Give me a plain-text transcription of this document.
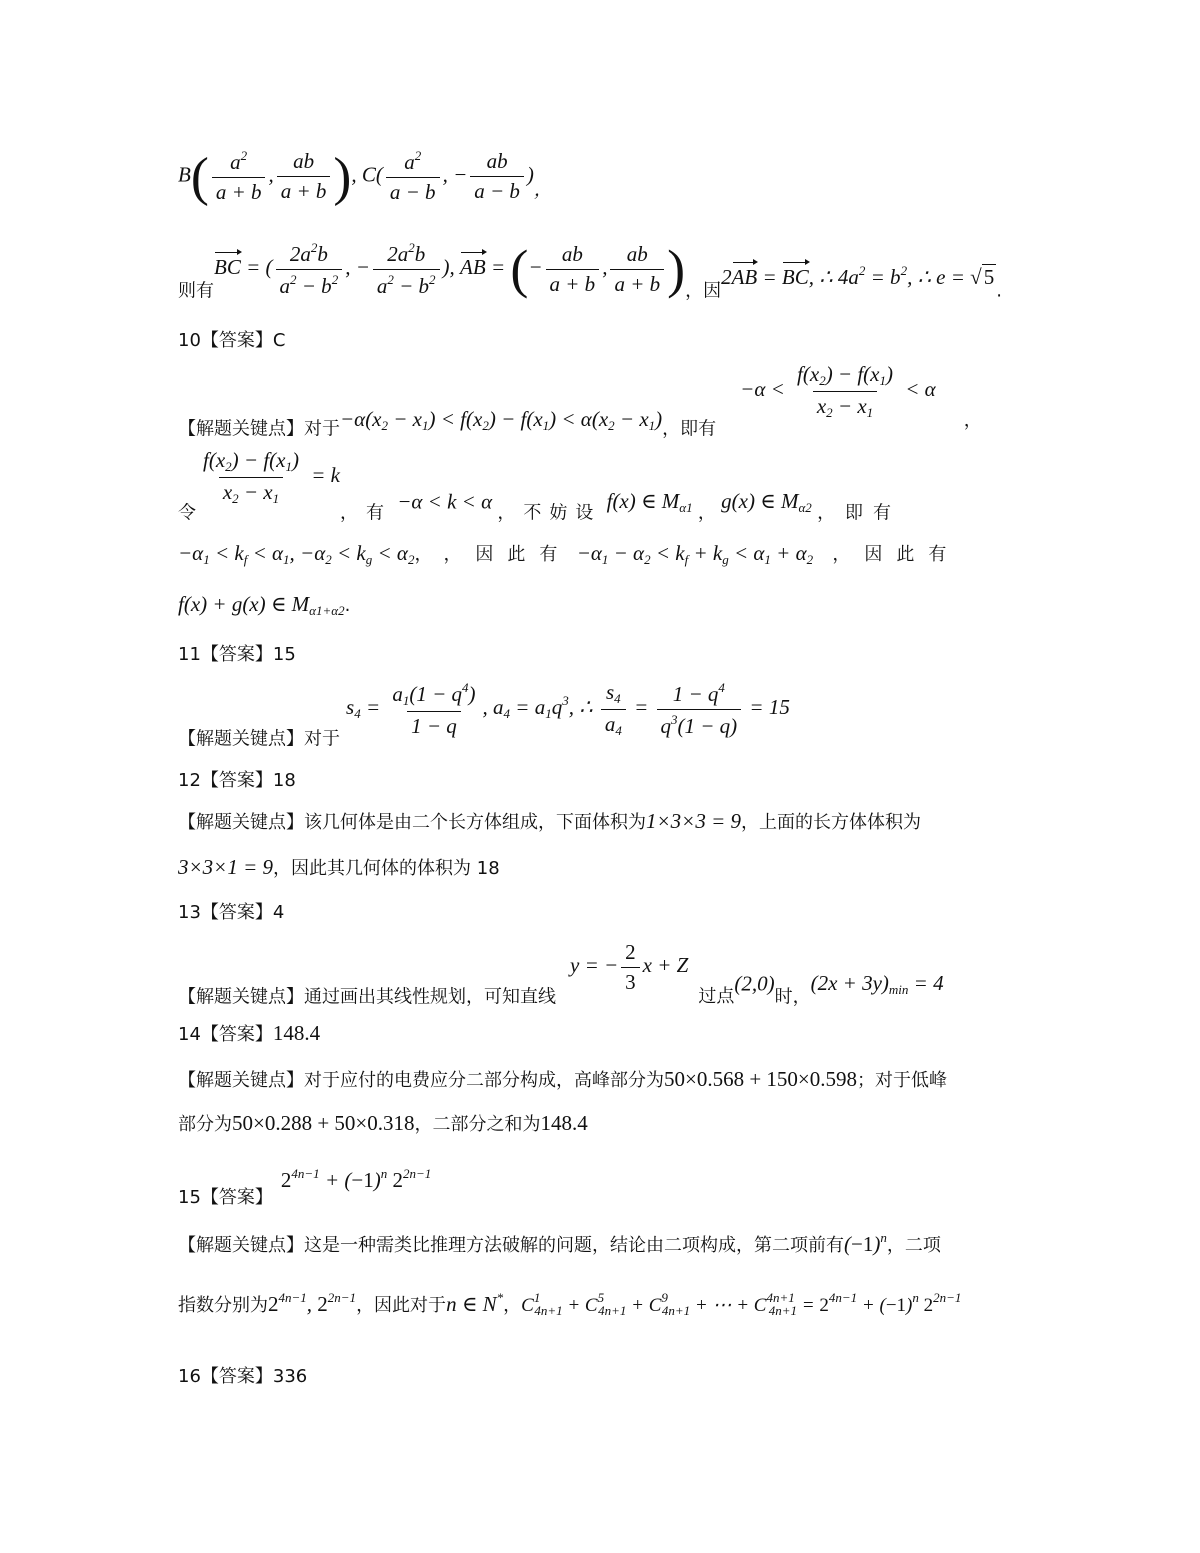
$B( \frac{a^2}{a + b}$ , $\frac{ab}{a + b}$ ), $C( \frac{a^2}{a - b}$ , − $\frac{ab}{a - b}$ )，
则有BC = ( $\frac{2a^2b}{a^2 - b^2}$ , − $\frac{2a^2b}{a^2 - b^2}$ ), AB = (− $\frac{ab}{a + b}$ , $\frac{ab}{a + b}$ )，因2AB = BC, ∴ $4a^2 = b^2$, ∴ e = √5.
10【答案】C
【解题关键点】对于$-\alpha(x_2 - x_1) < f(x_2) - f(x_1) < \alpha(x_2 - x_1)$，即有$-\alpha < \frac{f(x_2) - f(x_1)}{x_2 - x_1} < \alpha$，
令
$\frac{f(x_2) - f(x_1)}{x_2 - x_1} = k$，有 −α < k < α ，不妨设 f(x) ∈ $M_{\alpha 1}$ ， g(x) ∈ $M_{\alpha 2}$ ，即有
$-\alpha_1 < k_f < \alpha_1$, $-\alpha_2 < k_g < \alpha_2$， ，因此有 $-\alpha_1 - \alpha_2 < k_f + k_g < \alpha_1 + \alpha_2$ ，因此有
f(x) + g(x) ∈ $M_{\alpha 1+\alpha 2}$.
11【答案】15
【解题关键点】对于$s_4 = \frac{a_1(1 - q^4)}{1 - q}$ , $a_4 = a_1q^3$, ∴ $\frac{s_4}{a_4} = \frac{1 - q^4}{q^3(1 - q)} = 15$
12【答案】18
【解题关键点】该几何体是由二个长方体组成，下面体积为1×3×3 = 9，上面的长方体体积为
3×3×1 = 9，因此其几何体的体积为 18
13【答案】4
【解题关键点】通过画出其线性规划，可知直线y = − $\frac{2}{3}$ x + Z过点(2,0)时，$(2x + 3y)_{min} = 4$
14【答案】148.4
【解题关键点】对于应付的电费应分二部分构成，高峰部分为50×0.568 + 150×0.598；对于低峰
部分为50×0.288 + 50×0.318，二部分之和为148.4
15【答案】$2^{4n-1} + (-1)^n$ $2^{2n-1}$
【解题关键点】这是一种需类比推理方法破解的问题，结论由二项构成，第二项前有$(-1)^n$，二项
指数分别为$2^{4n-1}$, $2^{2n-1}$，因此对于n ∈ N*，$C^1_{4n+1} + C^5_{4n+1} + C^9_{4n+1}$ + ⋯ + $C^{4n+1}_{4n+1} = 2^{4n-1} + (-1)^n$ $2^{2n-1}$
16【答案】336
